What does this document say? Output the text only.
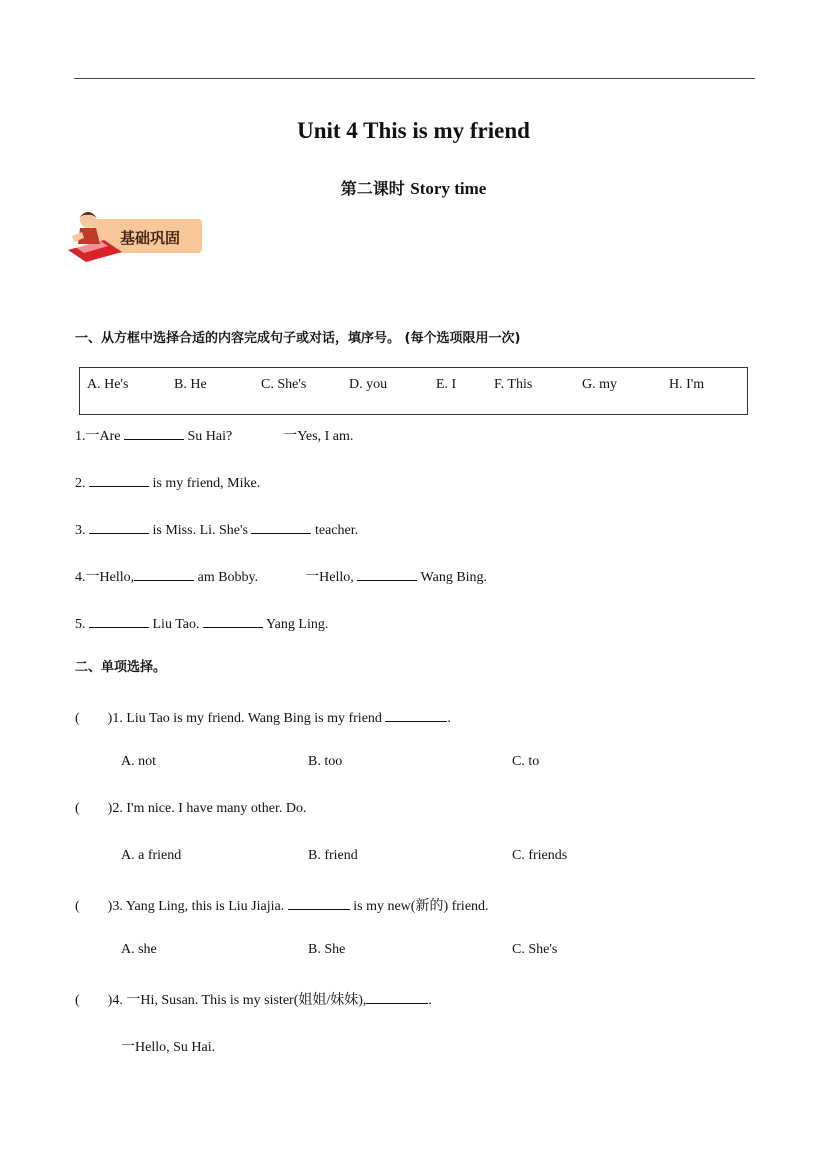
Unit 4 This is my friend
第二课时 Story time
基础巩固
一、从方框中选择合适的内容完成句子或对话，填序号。 (每个选项限用一次)
A. He's	B. He	C. She's	D. you	E. I	F. This	G. my	H. I'm
1.一Are	Su Hai?	一Yes, I am.
2.	is my friend, Mike.
3.	is Miss. Li. She's	teacher.
4.一Hello,	am Bobby.	一Hello,	Wang Bing.
5.	Liu Tao.	Yang Ling.
二、单项选择。
( )1. Liu Tao is my friend. Wang Bing is my friend	.
A. not	B. too	C. to
( )2. I'm nice. I have many other. Do.
A. a friend	B. friend	C. friends
( )3. Yang Ling, this is Liu Jiajia.	is my new(新的) friend.
A. she	B. She	C. She's
( )4. 一Hi, Susan. This is my sister(姐姐/妹妹),	.
一Hello, Su Hai.
